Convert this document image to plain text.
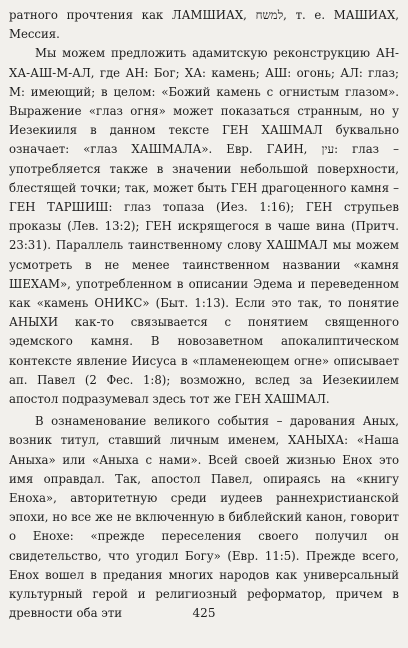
ратного прочтения как ЛАМШИАХ, למשח, т. е. МАШИАХ, Мессия.

Мы можем предложить адамитскую реконструкцию АН-ХА-АШ-М-АЛ, где АН: Бог; ХА: камень; АШ: огонь; АЛ: глаз; М: имеющий; в целом: «Божий камень с огнистым глазом». Выражение «глаз огня» может показаться странным, но у Иезекииля в данном тексте ГЕН ХАШМАЛ буквально означает: «глаз ХАШМАЛА». Евр. ГАИН, עין: глаз – употребляется также в значении небольшой поверхности, блестящей точки; так, может быть ГЕН драгоценного камня – ГЕН ТАРШИШ: глаз топаза (Иез. 1:16); ГЕН струпьев проказы (Лев. 13:2); ГЕН искрящегося в чаше вина (Притч. 23:31). Параллель таинственному слову ХАШМАЛ мы можем усмотреть в не менее таинственном названии «камня ШЕХАМ», употребленном в описании Эдема и переведенном как «камень ОНИКС» (Быт. 1:13). Если это так, то понятие АНЫХИ как-то связывается с понятием священного эдемского камня. В новозаветном апокалиптическом контексте явление Иисуса в «пламенеющем огне» описывает ап. Павел (2 Фес. 1:8); возможно, вслед за Иезекиилем апостол подразумевал здесь тот же ГЕН ХАШМАЛ.

В ознаменование великого события – дарования Аных, возник титул, ставший личным именем, ХАНЫХА: «Наша Аныха» или «Аныха с нами». Всей своей жизнью Енох это имя оправдал. Так, апостол Павел, опираясь на «книгу Еноха», авторитетную среди иудеев раннехристианской эпохи, но все же не включенную в библейский канон, говорит о Енохе: «прежде переселения своего получил он свидетельство, что угодил Богу» (Евр. 11:5). Прежде всего, Енох вошел в предания многих народов как универсальный культурный герой и религиозный реформатор, причем в древности оба эти	425
